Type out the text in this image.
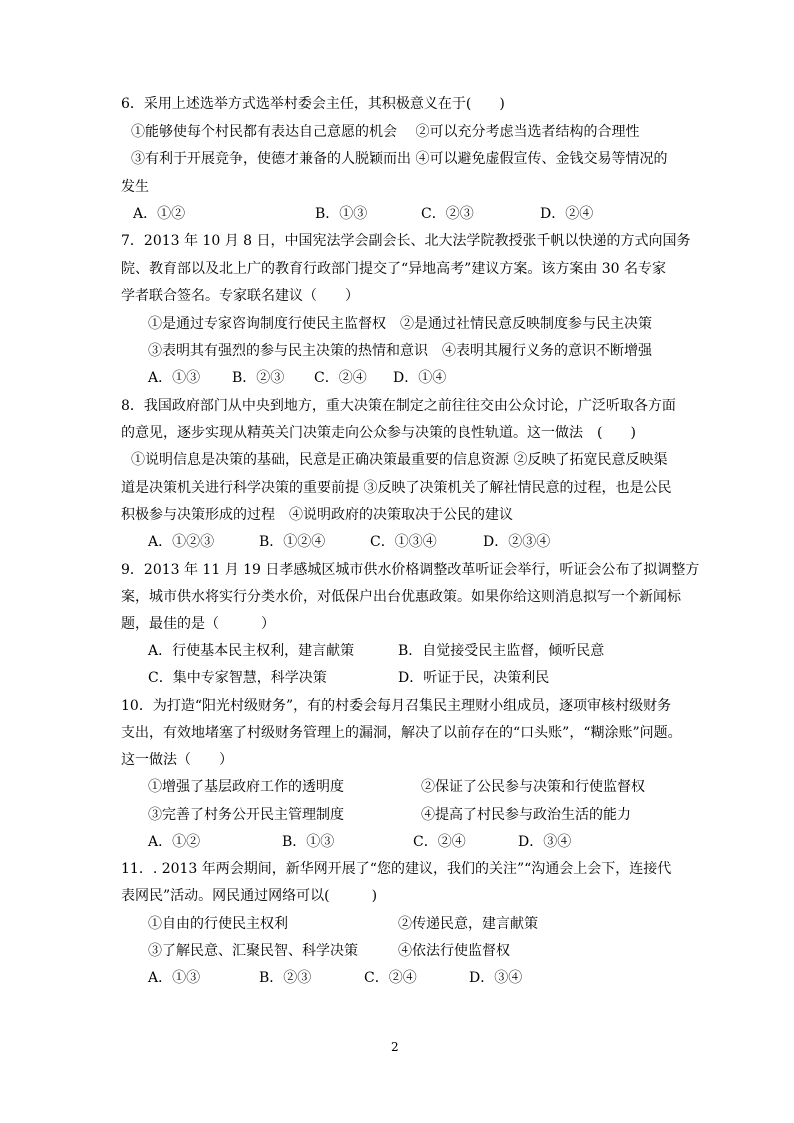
6．采用上述选举方式选举村委会主任，其积极意义在于(　　)
①能够使每个村民都有表达自己意愿的机会　 ②可以充分考虑当选者结构的合理性
③有利于开展竞争，使德才兼备的人脱颖而出 ④可以避免虚假宣传、金钱交易等情况的
发生
A．①②	B．①③	C．②③	D．②④
7．2013 年 10 月 8 日，中国宪法学会副会长、北大法学院教授张千帆以快递的方式向国务
院、教育部以及北上广的教育行政部门提交了“异地高考”建议方案。该方案由 30 名专家
学者联合签名。专家联名建议（　　）
①是通过专家咨询制度行使民主监督权　②是通过社情民意反映制度参与民主决策
③表明其有强烈的参与民主决策的热情和意识　④表明其履行义务的意识不断增强
A．①③ B．②③ C．②④ D．①④
8．我国政府部门从中央到地方，重大决策在制定之前往往交由公众讨论，广泛听取各方面
的意见，逐步实现从精英关门决策走向公众参与决策的良性轨道。这一做法　(　　)
①说明信息是决策的基础，民意是正确决策最重要的信息资源 ②反映了拓宽民意反映渠
道是决策机关进行科学决策的重要前提 ③反映了决策机关了解社情民意的过程，也是公民
积极参与决策形成的过程　④说明政府的决策取决于公民的建议
A．①②③	B．①②④	C．①③④	D．②③④
9．2013 年 11 月 19 日孝感城区城市供水价格调整改革听证会举行，听证会公布了拟调整方
案，城市供水将实行分类水价，对低保户出台优惠政策。如果你给这则消息拟写一个新闻标
题，最佳的是（　　　）
A．行使基本民主权利，建言献策	B．自觉接受民主监督，倾听民意
C．集中专家智慧，科学决策	D．听证于民，决策利民
10．为打造“阳光村级财务”，有的村委会每月召集民主理财小组成员，逐项审核村级财务
支出，有效地堵塞了村级财务管理上的漏洞，解决了以前存在的“口头账”，“糊涂账”问题。
这一做法（　　）
①增强了基层政府工作的透明度	②保证了公民参与决策和行使监督权
③完善了村务公开民主管理制度	④提高了村民参与政治生活的能力
A．①②	B．①③	C．②④	D．③④
11．. 2013 年两会期间，新华网开展了“您的建议，我们的关注”“沟通会上会下，连接代
表网民”活动。网民通过网络可以(　　　)
①自由的行使民主权利	②传递民意，建言献策
③了解民意、汇聚民智、科学决策	④依法行使监督权
A．①③	B．②③	C．②④	D．③④
2
